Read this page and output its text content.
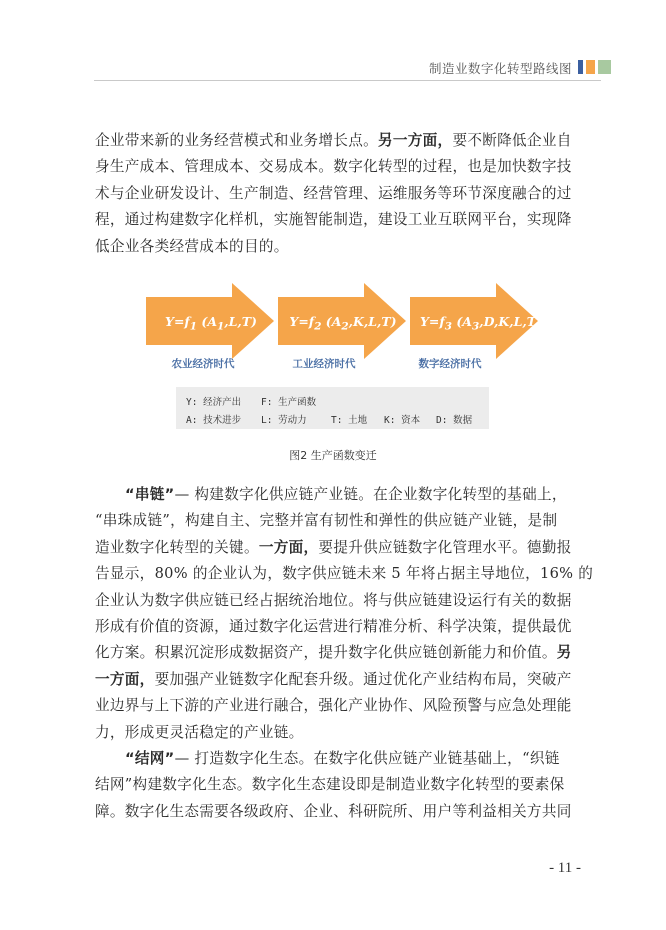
制造业数字化转型路线图
企业带来新的业务经营模式和业务增长点。另一方面，要不断降低企业自
身生产成本、管理成本、交易成本。数字化转型的过程，也是加快数字技
术与企业研发设计、生产制造、经营管理、运维服务等环节深度融合的过
程，通过构建数字化样机，实施智能制造，建设工业互联网平台，实现降
低企业各类经营成本的目的。
$Y=f_1$ $(A_1,L,T)$	$Y=f_2$ $(A_2,K,L,T)$ $Y=f_3$ $(A_3,D,K,L,T)$
农业经济时代	工业经济时代	数字经济时代
Y: 经济产出 F: 生产函数
A: 技术进步 L: 劳动力	T: 土地 K: 资本 D: 数据
图2 生产函数变迁
“串链”— 构建数字化供应链产业链。在企业数字化转型的基础上，
“串珠成链”，构建自主、完整并富有韧性和弹性的供应链产业链，是制
造业数字化转型的关键。一方面，要提升供应链数字化管理水平。德勤报
告显示，80% 的企业认为，数字供应链未来 5 年将占据主导地位，16% 的
企业认为数字供应链已经占据统治地位。将与供应链建设运行有关的数据
形成有价值的资源，通过数字化运营进行精准分析、科学决策，提供最优
化方案。积累沉淀形成数据资产，提升数字化供应链创新能力和价值。另
一方面，要加强产业链数字化配套升级。通过优化产业结构布局，突破产
业边界与上下游的产业进行融合，强化产业协作、风险预警与应急处理能
力，形成更灵活稳定的产业链。
“结网”— 打造数字化生态。在数字化供应链产业链基础上，“织链
结网”构建数字化生态。数字化生态建设即是制造业数字化转型的要素保
障。数字化生态需要各级政府、企业、科研院所、用户等利益相关方共同
- 11 -
